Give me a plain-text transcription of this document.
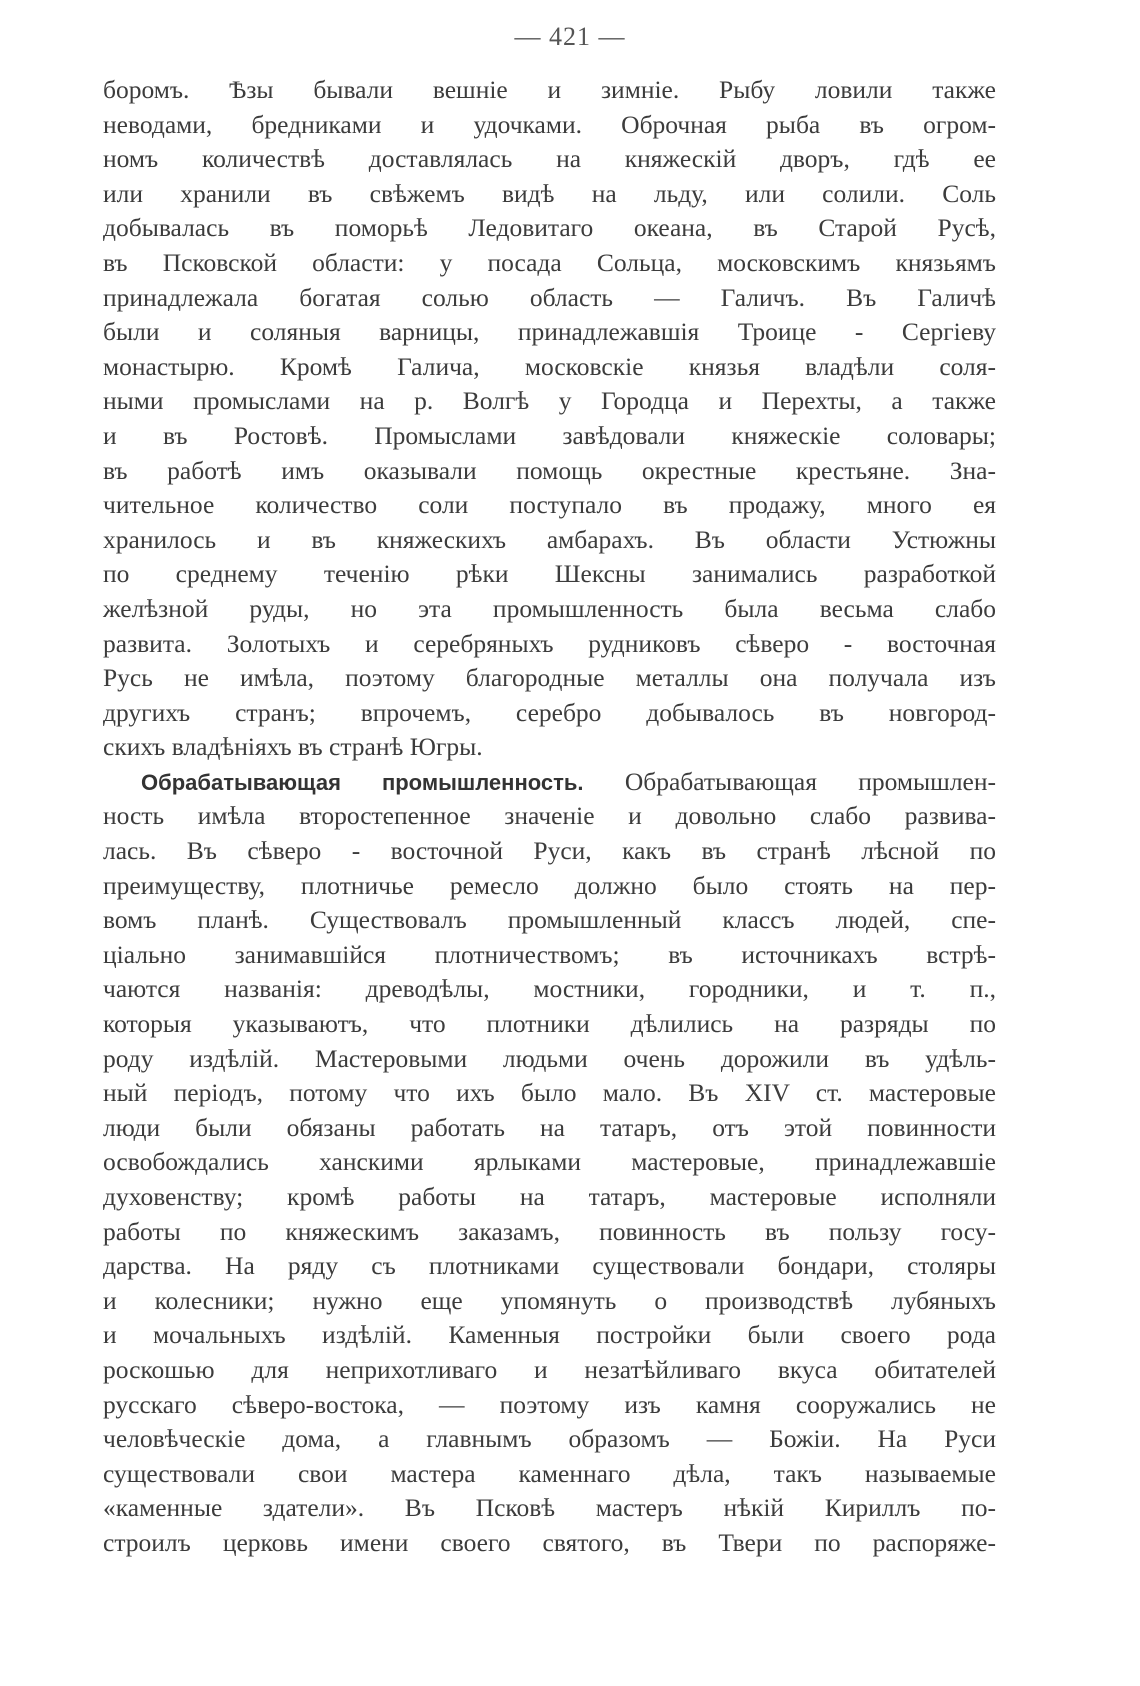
— 421 —
боромъ. Ѣзы бывали вешніе и зимніе. Рыбу ловили также
неводами, бредниками и удочками. Оброчная рыба въ огром-
номъ количествѣ доставлялась на княжескій дворъ, гдѣ ее
или хранили въ свѣжемъ видѣ на льду, или солили. Соль
добывалась въ поморьѣ Ледовитаго океана, въ Старой Русѣ,
въ Псковской области: у посада Сольца, московскимъ князьямъ
принадлежала богатая солью область — Галичъ. Въ Галичѣ
были и соляныя варницы, принадлежавшія Троице - Сергіеву
монастырю. Кромѣ Галича, московскіе князья владѣли соля-
ными промыслами на р. Волгѣ у Городца и Перехты, а также
и въ Ростовѣ. Промыслами завѣдовали княжескіе соловары;
въ работѣ имъ оказывали помощь окрестные крестьяне. Зна-
чительное количество соли поступало въ продажу, много ея
хранилось и въ княжескихъ амбарахъ. Въ области Устюжны
по среднему теченію рѣки Шексны занимались разработкой
желѣзной руды, но эта промышленность была весьма слабо
развита. Золотыхъ и серебряныхъ рудниковъ сѣверо - восточная
Русь не имѣла, поэтому благородные металлы она получала изъ
другихъ странъ; впрочемъ, серебро добывалось въ новгород-
скихъ владѣніяхъ въ странѣ Югры.
Обрабатывающая промышленность. Обрабатывающая промышлен-
ность имѣла второстепенное значеніе и довольно слабо развива-
лась. Въ сѣверо - восточной Руси, какъ въ странѣ лѣсной по
преимуществу, плотничье ремесло должно было стоять на пер-
вомъ планѣ. Существовалъ промышленный классъ людей, спе-
ціально занимавшійся плотничествомъ; въ источникахъ встрѣ-
чаются названія: древодѣлы, мостники, городники, и т. п.,
которыя указываютъ, что плотники дѣлились на разряды по
роду издѣлій. Мастеровыми людьми очень дорожили въ удѣль-
ный періодъ, потому что ихъ было мало. Въ XIV ст. мастеровые
люди были обязаны работать на татаръ, отъ этой повинности
освобождались ханскими ярлыками мастеровые, принадлежавшіе
духовенству; кромѣ работы на татаръ, мастеровые исполняли
работы по княжескимъ заказамъ, повинность въ пользу госу-
дарства. На ряду съ плотниками существовали бондари, столяры
и колесники; нужно еще упомянуть о производствѣ лубяныхъ
и мочальныхъ издѣлій. Каменныя постройки были своего рода
роскошью для неприхотливаго и незатѣйливаго вкуса обитателей
русскаго сѣверо-востока, — поэтому изъ камня сооружались не
человѣческіе дома, а главнымъ образомъ — Божіи. На Руси
существовали свои мастера каменнаго дѣла, такъ называемые
«каменные здатели». Въ Псковѣ мастеръ нѣкій Кириллъ по-
строилъ церковь имени своего святого, въ Твери по распоряже-
